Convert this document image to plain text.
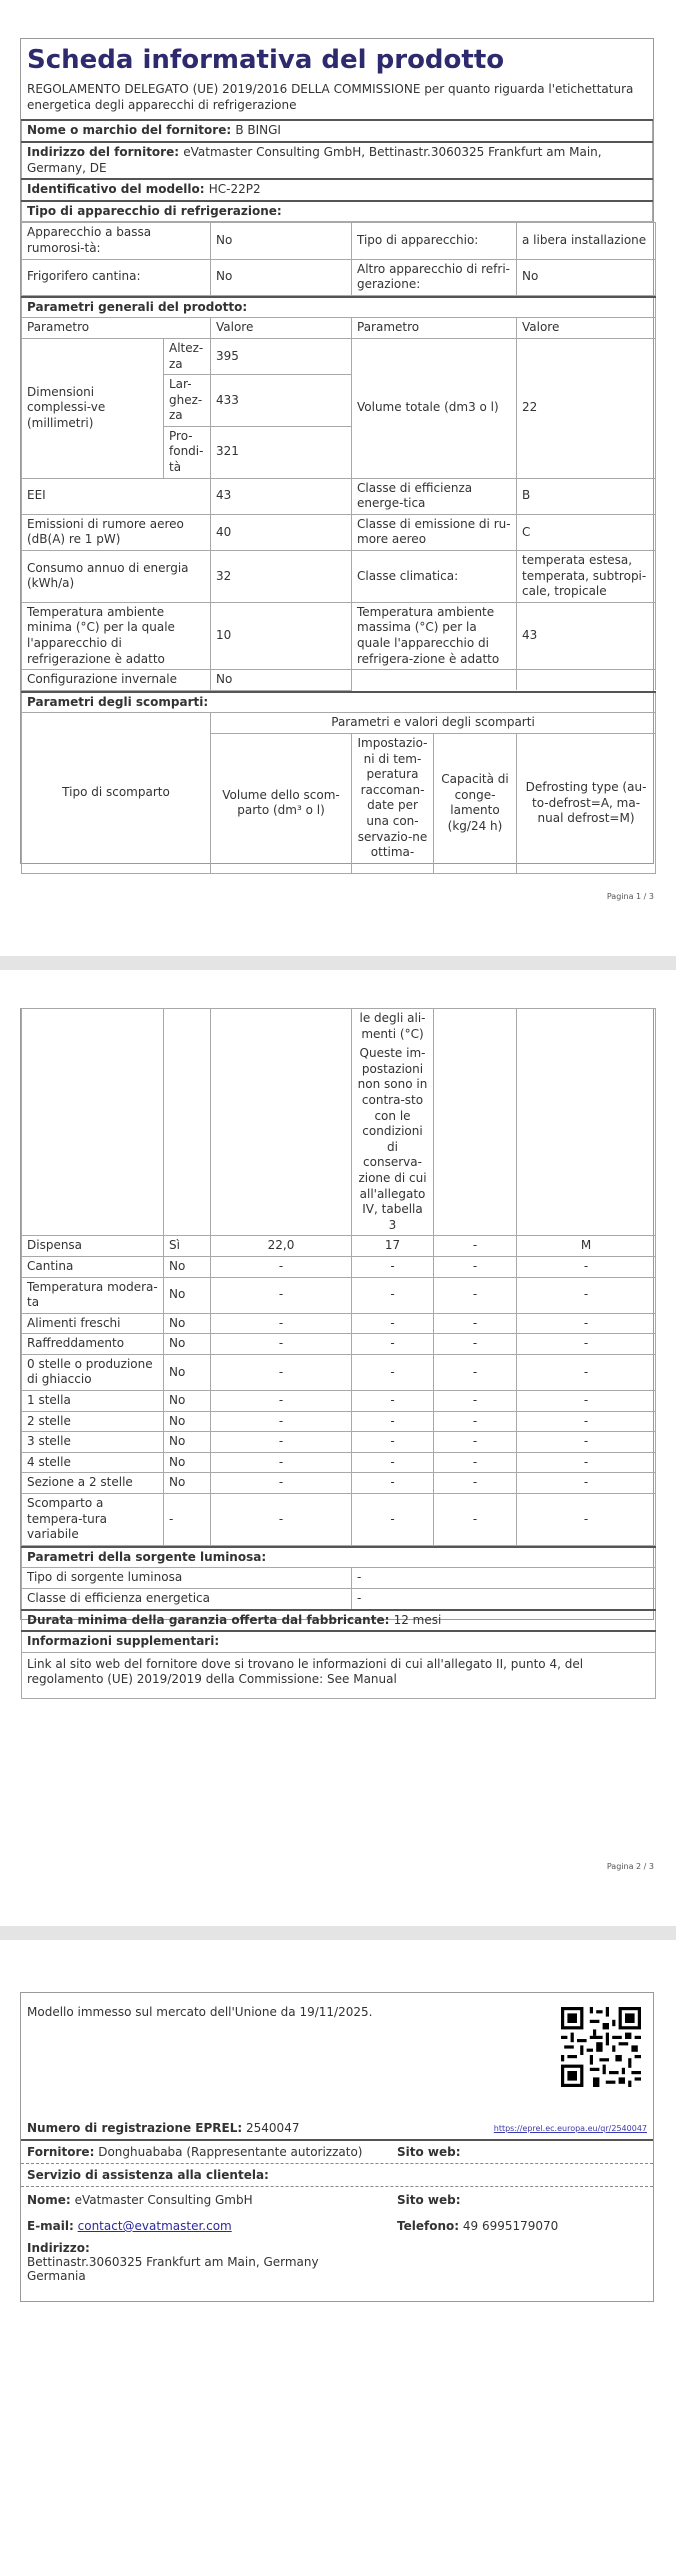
Scheda informativa del prodotto
REGOLAMENTO DELEGATO (UE) 2019/2016 DELLA COMMISSIONE per quanto riguarda l'etichettatura energetica degli apparecchi di refrigerazione
Nome o marchio del fornitore: B BINGI
Indirizzo del fornitore: eVatmaster Consulting GmbH, Bettinastr.3060325 Frankfurt am Main, Germany, DE
Identificativo del modello: HC-22P2
Tipo di apparecchio di refrigerazione:
Apparecchio a bassa rumorosi-tà:	No	Tipo di apparecchio:	a libera installazione
Frigorifero cantina:	No	Altro apparecchio di refri-gerazione:	No
Parametri generali del prodotto:				
Parametro		Valore	Parametro	Valore
Dimensioni complessi-ve (millimetri)	Altez-za	395	Volume totale (dm3 o l)	22
	Lar-ghez-za	433		
	Pro-fondi-tà	321		
EEI		43	Classe di efficienza energe-tica	B
Emissioni di rumore aereo (dB(A) re 1 pW)		40	Classe di emissione di ru-more aereo	C
Consumo annuo di energia (kWh/a)		32	Classe climatica:	temperata estesa, temperata, subtropi-cale, tropicale
Temperatura ambiente minima (°C) per la quale l'apparecchio di refrigerazione è adatto		10	Temperatura ambiente massima (°C) per la quale l'apparecchio di refrigera-zione è adatto	43
Configurazione invernale		No		
Parametri degli scomparti:				
Tipo di scomparto	Parametri e valori degli scomparti			
	Volume dello scom-parto (dm³ o l)	Impostazio-ni di tem-peratura raccoman-date per una con-servazio-ne ottima-	Capacità di conge-lamento (kg/24 h)	Defrosting type (au-to-defrost=A, ma-nual defrost=M)
Pagina 1 / 3

			le degli ali-menti (°C)
Queste im-postazioni non sono in contra-sto con le condizioni di conserva-zione di cui all'allegato IV, tabella 3		

Dispensa	Sì	22,0	17	-	M
Cantina	No	-	-	-	-
Temperatura modera-ta	No	-	-	-	-
Alimenti freschi	No	-	-	-	-
Raffreddamento	No	-	-	-	-
0 stelle o produzione di ghiaccio	No	-	-	-	-
1 stella	No	-	-	-	-
2 stelle	No	-	-	-	-
3 stelle	No	-	-	-	-
4 stelle	No	-	-	-	-
Sezione a 2 stelle	No	-	-	-	-
Scomparto a tempera-tura variabile	-	-	-	-	-
Parametri della sorgente luminosa:	
Tipo di sorgente luminosa	-
Classe di efficienza energetica	-
Durata minima della garanzia offerta dal fabbricante: 12 mesi	
Informazioni supplementari:	
Link al sito web del fornitore dove si trovano le informazioni di cui all'allegato II, punto 4, del regolamento (UE) 2019/2019 della Commissione: See Manual	
Pagina 2 / 3
Modello immesso sul mercato dell'Unione da 19/11/2025.
Numero di registrazione EPREL: 2540047	https://eprel.ec.europa.eu/qr/2540047
Fornitore: Donghuababa (Rappresentante autorizzato)	Sito web:
Servizio di assistenza alla clientela:
Nome: eVatmaster Consulting GmbH	Sito web:
E-mail: contact@evatmaster.com	Telefono: 49 6995179070
Indirizzo:
Bettinastr.3060325 Frankfurt am Main, Germany
Germania
